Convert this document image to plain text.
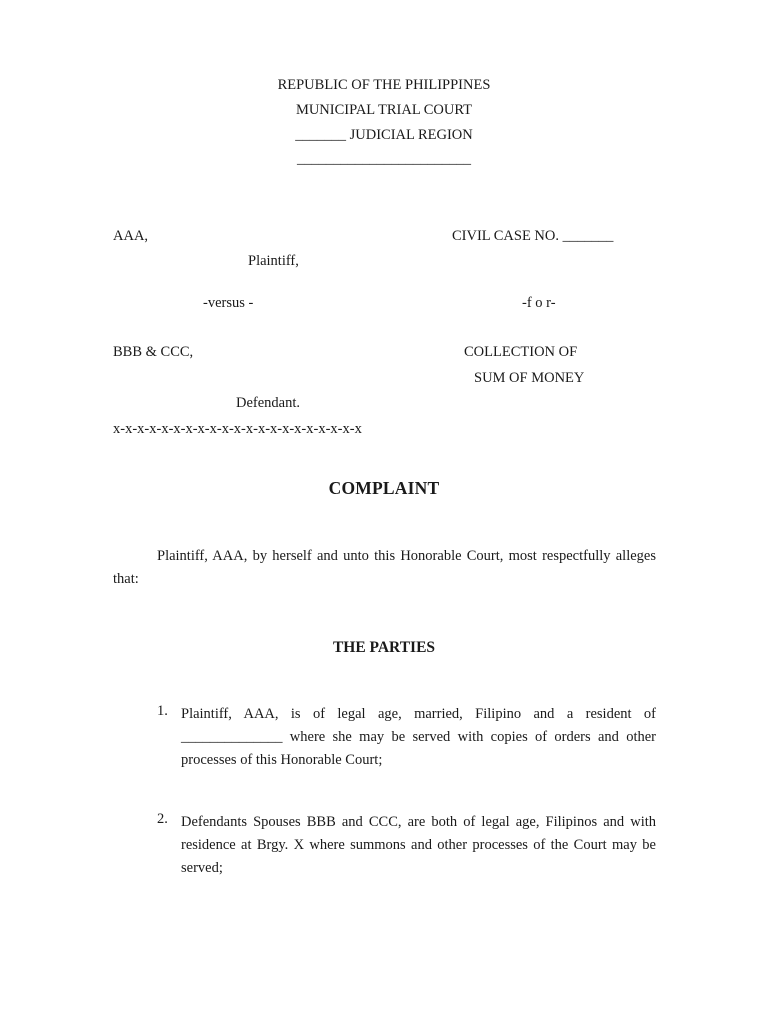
REPUBLIC OF THE PHILIPPINES
MUNICIPAL TRIAL COURT
_______ JUDICIAL REGION
________________________
AAA,
Plaintiff,
-versus -
BBB & CCC,
Defendant.
x-x-x-x-x-x-x-x-x-x-x-x-x-x-x-x-x-x-x-x-x
CIVIL CASE NO. _______
-f o r-
COLLECTION OF
SUM OF MONEY
COMPLAINT
Plaintiff, AAA, by herself and unto this Honorable Court, most respectfully alleges that:
THE PARTIES
1. Plaintiff, AAA, is of legal age, married, Filipino and a resident of ______________ where she may be served with copies of orders and other processes of this Honorable Court;
2. Defendants Spouses BBB and CCC, are both of legal age, Filipinos and with residence at Brgy. X where summons and other processes of the Court may be served;
